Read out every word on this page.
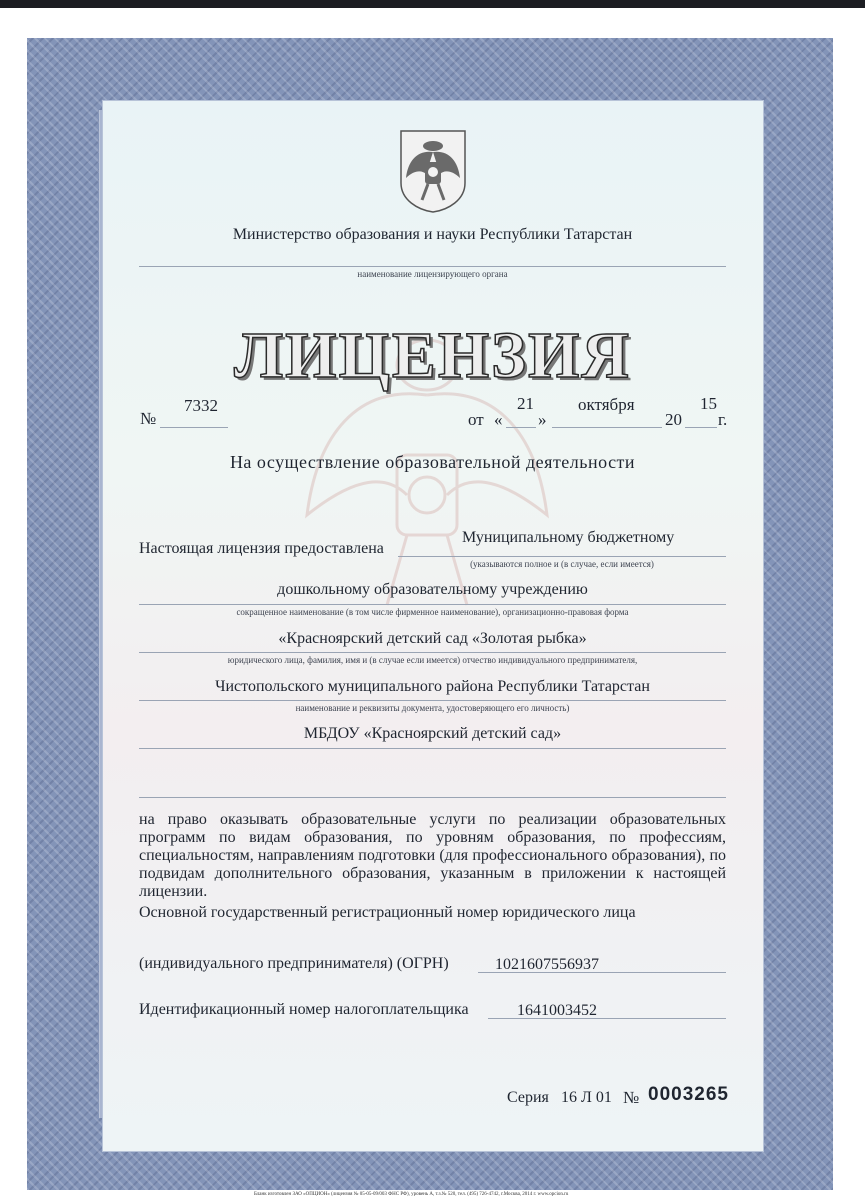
Министерство образования и науки Республики Татарстан
наименование лицензирующего органа
ЛИЦЕНЗИЯ
№
7332
от «
21
»
октября
20
15
г.
На осуществление образовательной деятельности
Настоящая лицензия предоставлена
Муниципальному бюджетному
(указываются полное и (в случае, если имеется)
дошкольному образовательному учреждению
сокращенное наименование (в том числе фирменное наименование), организационно-правовая форма
«Красноярский детский сад «Золотая рыбка»
юридического лица, фамилия, имя и (в случае если имеется) отчество индивидуального предпринимателя,
Чистопольского муниципального района Республики Татарстан
наименование и реквизиты документа, удостоверяющего его личность)
МБДОУ «Красноярский детский сад»
на право оказывать образовательные услуги по реализации образовательных программ по видам образования, по уровням образования, по профессиям, специальностям, направлениям подготовки (для профессионального образования), по подвидам дополнительного образования, указанным в приложении к настоящей лицензии.
Основной государственный регистрационный номер юридического лица
(индивидуального предпринимателя) (ОГРН)	1021607556937
Идентификационный номер налогоплательщика	1641003452
Серия 16 Л 01 № 0003265
Бланк изготовлен ЗАО «ОПЦИОН» (лицензия № 05-05-09/003 ФНС РФ), уровень А, т.з.№ 520, тел. (495) 726-4742, г.Москва, 2014 г. www.opcion.ru
